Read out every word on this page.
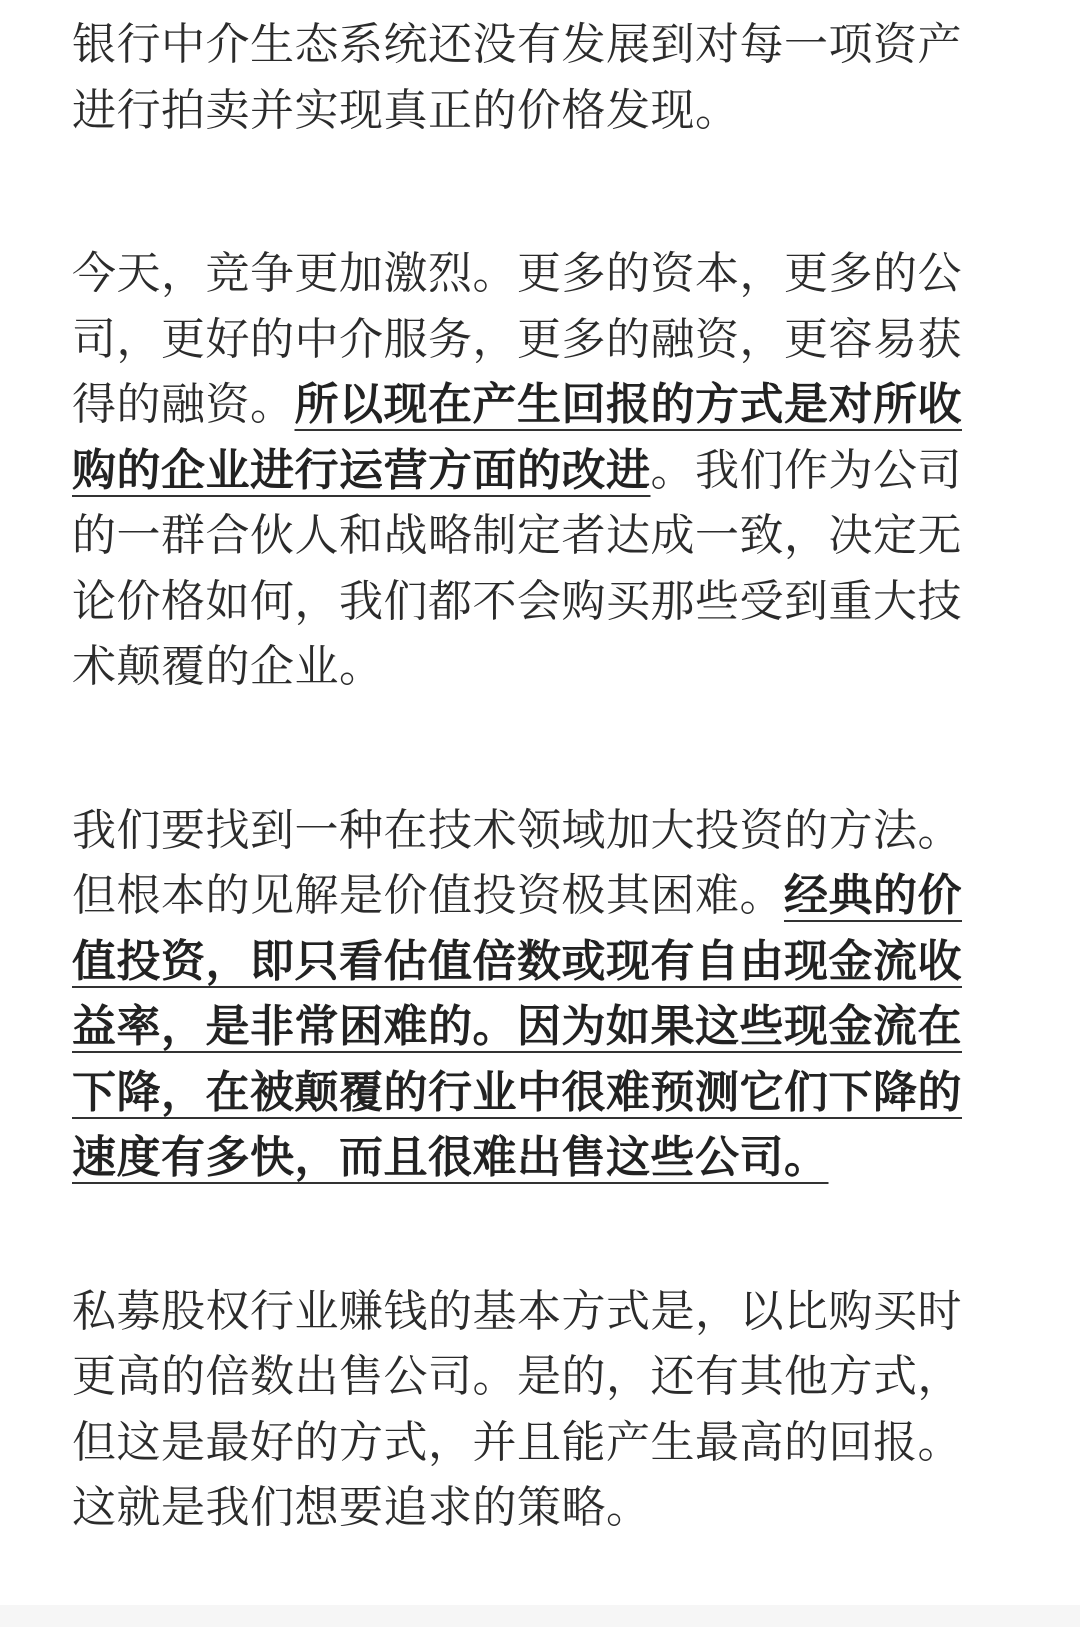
银行中介生态系统还没有发展到对每一项资产进行拍卖并实现真正的价格发现。

今天，竞争更加激烈。更多的资本，更多的公司，更好的中介服务，更多的融资，更容易获得的融资。所以现在产生回报的方式是对所收购的企业进行运营方面的改进。我们作为公司的一群合伙人和战略制定者达成一致，决定无论价格如何，我们都不会购买那些受到重大技术颠覆的企业。

我们要找到一种在技术领域加大投资的方法。但根本的见解是价值投资极其困难。经典的价值投资，即只看估值倍数或现有自由现金流收益率，是非常困难的。因为如果这些现金流在下降，在被颠覆的行业中很难预测它们下降的速度有多快，而且很难出售这些公司。

私募股权行业赚钱的基本方式是，以比购买时更高的倍数出售公司。是的，还有其他方式，但这是最好的方式，并且能产生最高的回报。这就是我们想要追求的策略。
